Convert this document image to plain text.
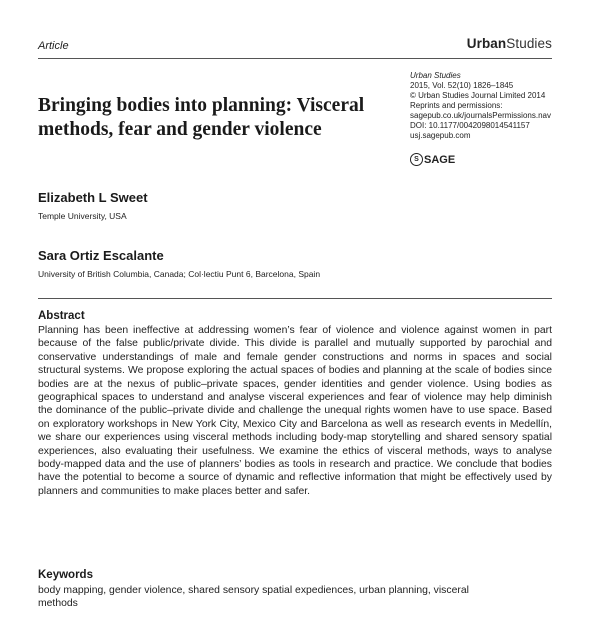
Article	UrbanStudies
Urban Studies
2015, Vol. 52(10) 1826–1845
© Urban Studies Journal Limited 2014
Reprints and permissions:
sagepub.co.uk/journalsPermissions.nav
DOI: 10.1177/0042098014541157
usj.sagepub.com
S SAGE
Bringing bodies into planning: Visceral methods, fear and gender violence
Elizabeth L Sweet
Temple University, USA
Sara Ortiz Escalante
University of British Columbia, Canada; Col·lectiu Punt 6, Barcelona, Spain
Abstract
Planning has been ineffective at addressing women’s fear of violence and violence against women in part because of the false public/private divide. This divide is parallel and mutually supported by parochial and conservative understandings of male and female gender constructions and norms in spaces and social structural systems. We propose exploring the actual spaces of bodies and planning at the scale of bodies since bodies are at the nexus of public–private spaces, gender identities and gender violence. Using bodies as geographical spaces to understand and analyse visceral experiences and fear of violence may help diminish the dominance of the public–private divide and challenge the unequal rights women have to use space. Based on exploratory workshops in New York City, Mexico City and Barcelona as well as research events in Medellín, we share our experiences using visceral methods including body-map storytelling and shared sensory spatial experiences, also evaluating their usefulness. We examine the ethics of visceral methods, ways to analyse body-mapped data and the use of planners’ bodies as tools in research and practice. We conclude that bodies have the potential to become a source of dynamic and reflective information that might be effectively used by planners and communities to make places better and safer.
Keywords
body mapping, gender violence, shared sensory spatial expediences, urban planning, visceral methods
